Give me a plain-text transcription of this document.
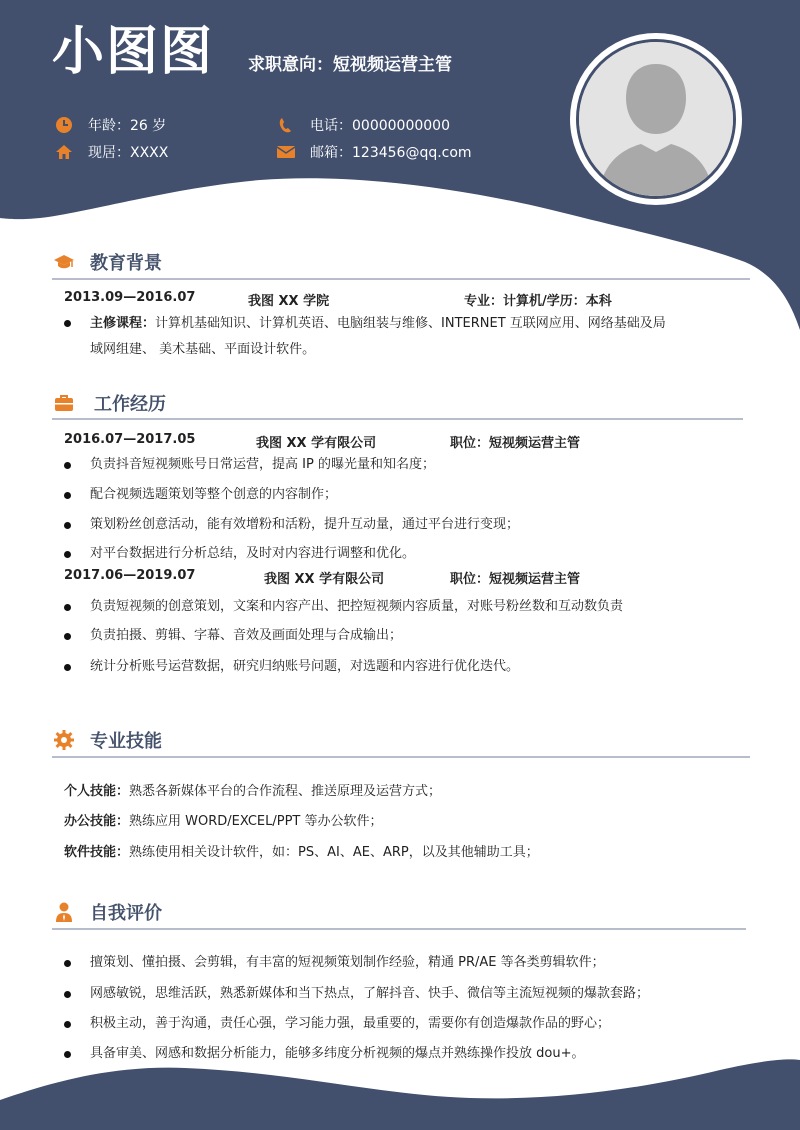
小图图 求职意向：短视频运营主管
年龄：26 岁
现居：XXXX
电话：00000000000
邮箱：123456@qq.com
教育背景
2013.09—2016.07	我图 XX 学院	专业：计算机/学历：本科
主修课程：计算机基础知识、计算机英语、电脑组装与维修、INTERNET 互联网应用、网络基础及局
域网组建、 美术基础、平面设计软件。
工作经历
2016.07—2017.05	我图 XX 学有限公司	职位：短视频运营主管
负责抖音短视频账号日常运营，提高 IP 的曝光量和知名度；
配合视频选题策划等整个创意的内容制作；
策划粉丝创意活动，能有效增粉和活粉，提升互动量，通过平台进行变现；
对平台数据进行分析总结，及时对内容进行调整和优化。
2017.06—2019.07	我图 XX 学有限公司	职位：短视频运营主管
负责短视频的创意策划，文案和内容产出、把控短视频内容质量，对账号粉丝数和互动数负责
负责拍摄、剪辑、字幕、音效及画面处理与合成输出；
统计分析账号运营数据，研究归纳账号问题，对选题和内容进行优化迭代。
专业技能
个人技能：熟悉各新媒体平台的合作流程、推送原理及运营方式；
办公技能：熟练应用 WORD/EXCEL/PPT 等办公软件；
软件技能：熟练使用相关设计软件，如：PS、AI、AE、ARP，以及其他辅助工具；
自我评价
擅策划、懂拍摄、会剪辑，有丰富的短视频策划制作经验，精通 PR/AE 等各类剪辑软件；
网感敏锐，思维活跃，熟悉新媒体和当下热点，了解抖音、快手、微信等主流短视频的爆款套路；
积极主动，善于沟通，责任心强，学习能力强，最重要的，需要你有创造爆款作品的野心；
具备审美、网感和数据分析能力，能够多纬度分析视频的爆点并熟练操作投放 dou+。
